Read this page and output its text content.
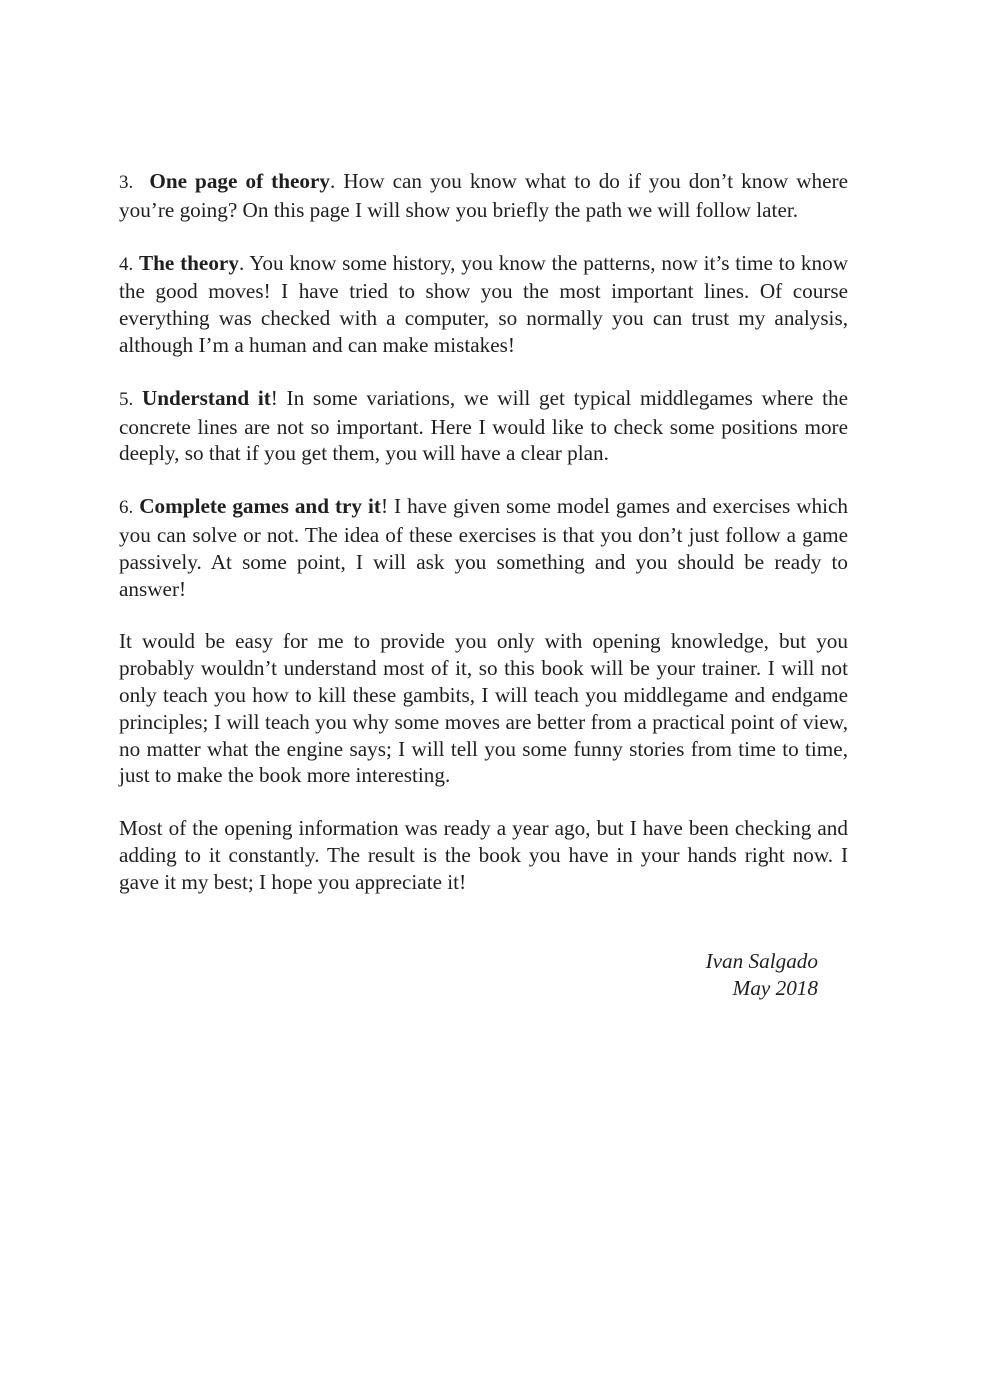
3. One page of theory. How can you know what to do if you don’t know where you’re going? On this page I will show you briefly the path we will follow later.

4. The theory. You know some history, you know the patterns, now it’s time to know the good moves! I have tried to show you the most important lines. Of course everything was checked with a computer, so normally you can trust my analysis, although I’m a human and can make mistakes!

5. Understand it! In some variations, we will get typical middlegames where the concrete lines are not so important. Here I would like to check some positions more deeply, so that if you get them, you will have a clear plan.

6. Complete games and try it! I have given some model games and exercises which you can solve or not. The idea of these exercises is that you don’t just follow a game passively. At some point, I will ask you something and you should be ready to answer!

It would be easy for me to provide you only with opening knowledge, but you probably wouldn’t understand most of it, so this book will be your trainer. I will not only teach you how to kill these gambits, I will teach you middlegame and endgame principles; I will teach you why some moves are better from a practical point of view, no matter what the engine says; I will tell you some funny stories from time to time, just to make the book more interesting.

Most of the opening information was ready a year ago, but I have been checking and adding to it constantly. The result is the book you have in your hands right now. I gave it my best; I hope you appreciate it!

Ivan Salgado
May 2018
